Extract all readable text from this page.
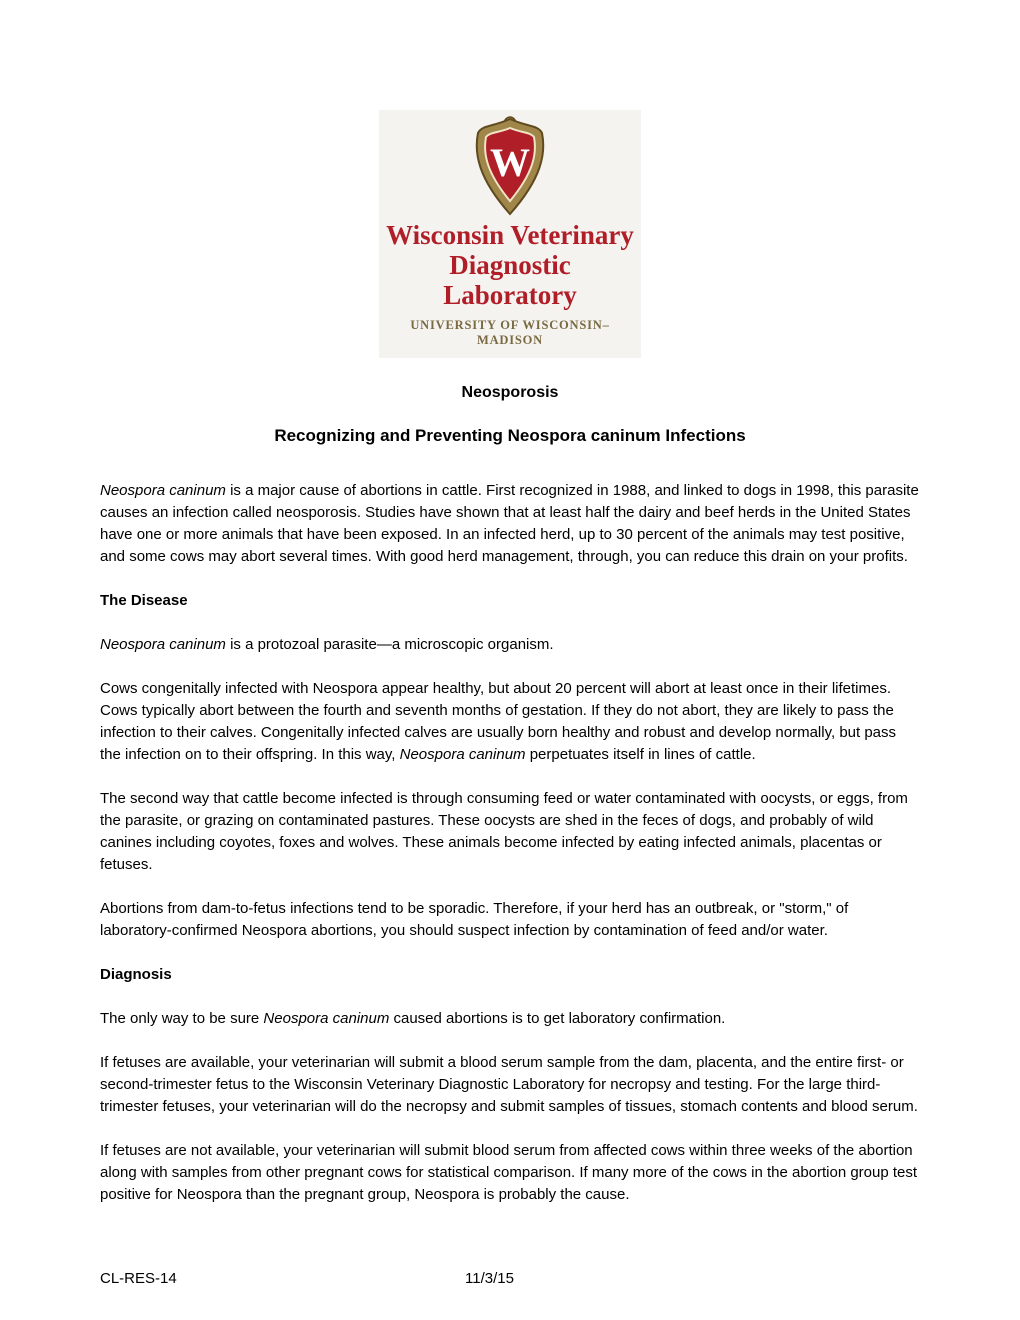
W
Wisconsin Veterinary
Diagnostic Laboratory
UNIVERSITY OF WISCONSIN–MADISON
Neosporosis
Recognizing and Preventing Neospora caninum Infections

Neospora caninum is a major cause of abortions in cattle. First recognized in 1988, and linked to dogs in 1998, this parasite causes an infection called neosporosis. Studies have shown that at least half the dairy and beef herds in the United States have one or more animals that have been exposed. In an infected herd, up to 30 percent of the animals may test positive, and some cows may abort several times. With good herd management, through, you can reduce this drain on your profits.

The Disease

Neospora caninum is a protozoal parasite—a microscopic organism.

Cows congenitally infected with Neospora appear healthy, but about 20 percent will abort at least once in their lifetimes. Cows typically abort between the fourth and seventh months of gestation. If they do not abort, they are likely to pass the infection to their calves. Congenitally infected calves are usually born healthy and robust and develop normally, but pass the infection on to their offspring. In this way, Neospora caninum perpetuates itself in lines of cattle.

The second way that cattle become infected is through consuming feed or water contaminated with oocysts, or eggs, from the parasite, or grazing on contaminated pastures. These oocysts are shed in the feces of dogs, and probably of wild canines including coyotes, foxes and wolves. These animals become infected by eating infected animals, placentas or fetuses.

Abortions from dam-to-fetus infections tend to be sporadic. Therefore, if your herd has an outbreak, or "storm," of laboratory-confirmed Neospora abortions, you should suspect infection by contamination of feed and/or water.

Diagnosis

The only way to be sure Neospora caninum caused abortions is to get laboratory confirmation.

If fetuses are available, your veterinarian will submit a blood serum sample from the dam, placenta, and the entire first- or second-trimester fetus to the Wisconsin Veterinary Diagnostic Laboratory for necropsy and testing. For the large third-trimester fetuses, your veterinarian will do the necropsy and submit samples of tissues, stomach contents and blood serum.

If fetuses are not available, your veterinarian will submit blood serum from affected cows within three weeks of the abortion along with samples from other pregnant cows for statistical comparison. If many more of the cows in the abortion group test positive for Neospora than the pregnant group, Neospora is probably the cause.

CL-RES-14	11/3/15
